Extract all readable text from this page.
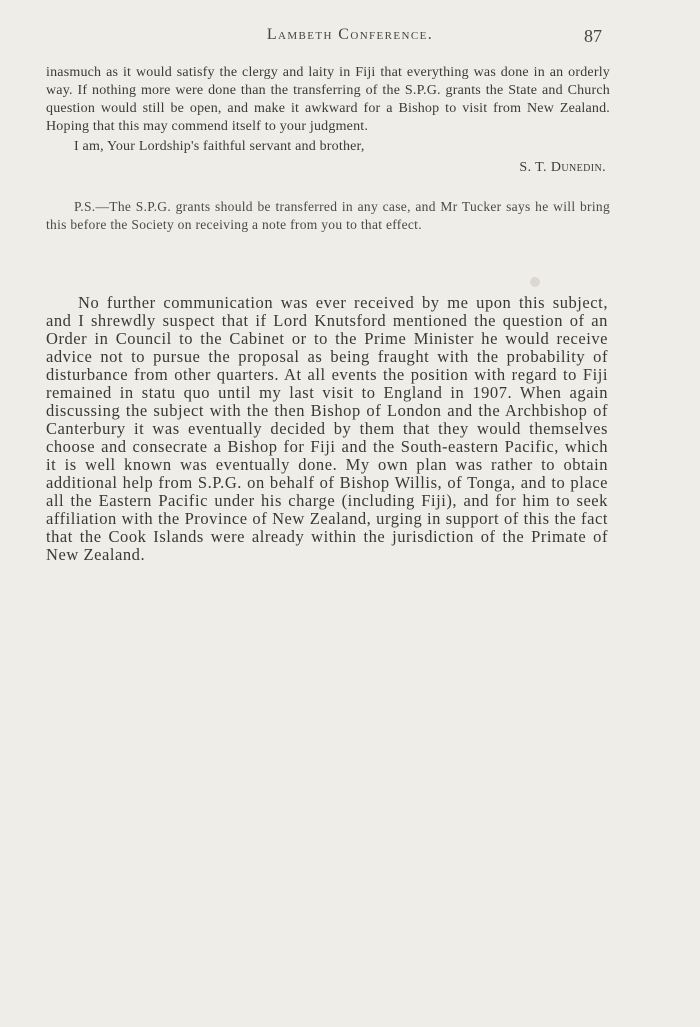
Lambeth Conference.	87

inasmuch as it would satisfy the clergy and laity in Fiji that everything was done in an orderly way. If nothing more were done than the transferring of the S.P.G. grants the State and Church question would still be open, and make it awkward for a Bishop to visit from New Zealand. Hoping that this may commend itself to your judgment.

I am, Your Lordship's faithful servant and brother,

S. T. Dunedin.

P.S.—The S.P.G. grants should be transferred in any case, and Mr Tucker says he will bring this before the Society on receiving a note from you to that effect.

No further communication was ever received by me upon this subject, and I shrewdly suspect that if Lord Knutsford mentioned the question of an Order in Council to the Cabinet or to the Prime Minister he would receive advice not to pursue the proposal as being fraught with the probability of disturbance from other quarters. At all events the position with regard to Fiji remained in statu quo until my last visit to England in 1907. When again discussing the subject with the then Bishop of London and the Archbishop of Canterbury it was eventually decided by them that they would themselves choose and consecrate a Bishop for Fiji and the South-eastern Pacific, which it is well known was eventually done. My own plan was rather to obtain additional help from S.P.G. on behalf of Bishop Willis, of Tonga, and to place all the Eastern Pacific under his charge (including Fiji), and for him to seek affiliation with the Province of New Zealand, urging in support of this the fact that the Cook Islands were already within the jurisdiction of the Primate of New Zealand.
